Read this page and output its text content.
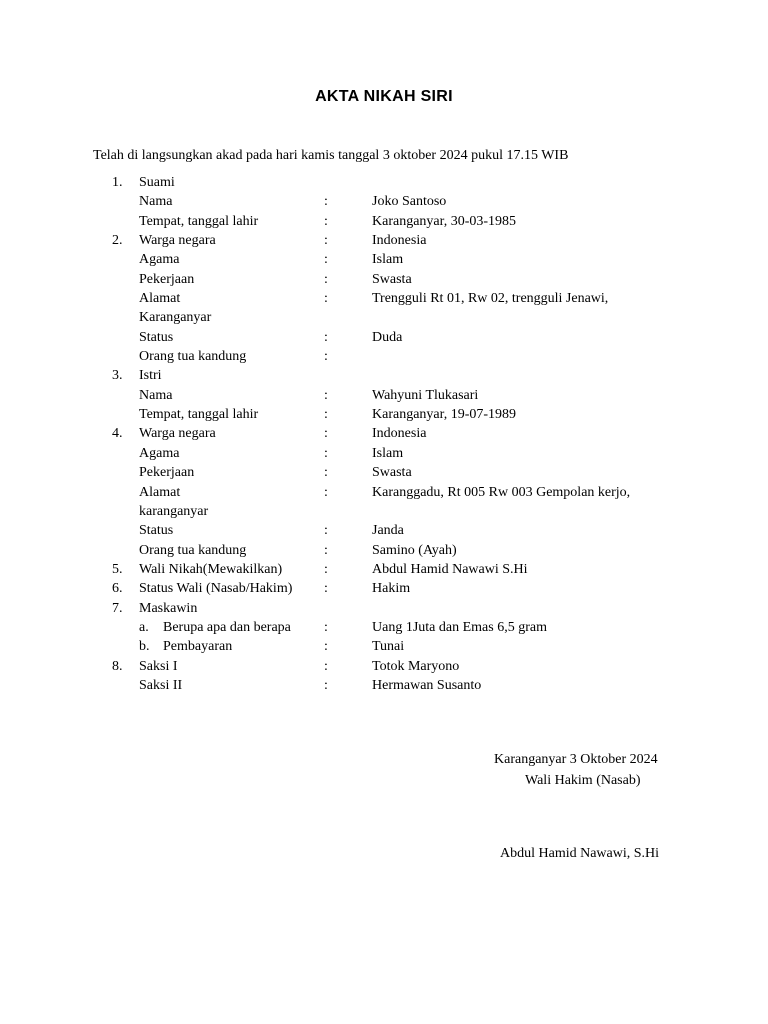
AKTA NIKAH SIRI
Telah di langsungkan akad pada hari kamis tanggal 3 oktober 2024 pukul 17.15 WIB
1.	Suami
Nama	:	Joko Santoso
Tempat, tanggal lahir	:	Karanganyar, 30-03-1985
2.	Warga negara	:	Indonesia
Agama	:	Islam
Pekerjaan	:	Swasta
Alamat	:	Trengguli Rt 01, Rw 02, trengguli Jenawi,
Karanganyar
Status	:	Duda
Orang tua kandung	:
3.	Istri
Nama	:	Wahyuni Tlukasari
Tempat, tanggal lahir	:	Karanganyar, 19-07-1989
4.	Warga negara	:	Indonesia
Agama	:	Islam
Pekerjaan	:	Swasta
Alamat	:	Karanggadu, Rt 005 Rw 003 Gempolan kerjo,
karanganyar
Status	:	Janda
Orang tua kandung	:	Samino (Ayah)
5.	Wali Nikah(Mewakilkan)	:	Abdul Hamid Nawawi S.Hi
6.	Status Wali (Nasab/Hakim) :	Hakim
7.	Maskawin
a.	Berupa apa dan berapa :	Uang 1Juta dan Emas 6,5 gram
b. Pembayaran	:	Tunai
8.	Saksi I	:	Totok Maryono
Saksi II	:	Hermawan Susanto
Karanganyar 3 Oktober 2024
Wali Hakim (Nasab)
Abdul Hamid Nawawi, S.Hi
